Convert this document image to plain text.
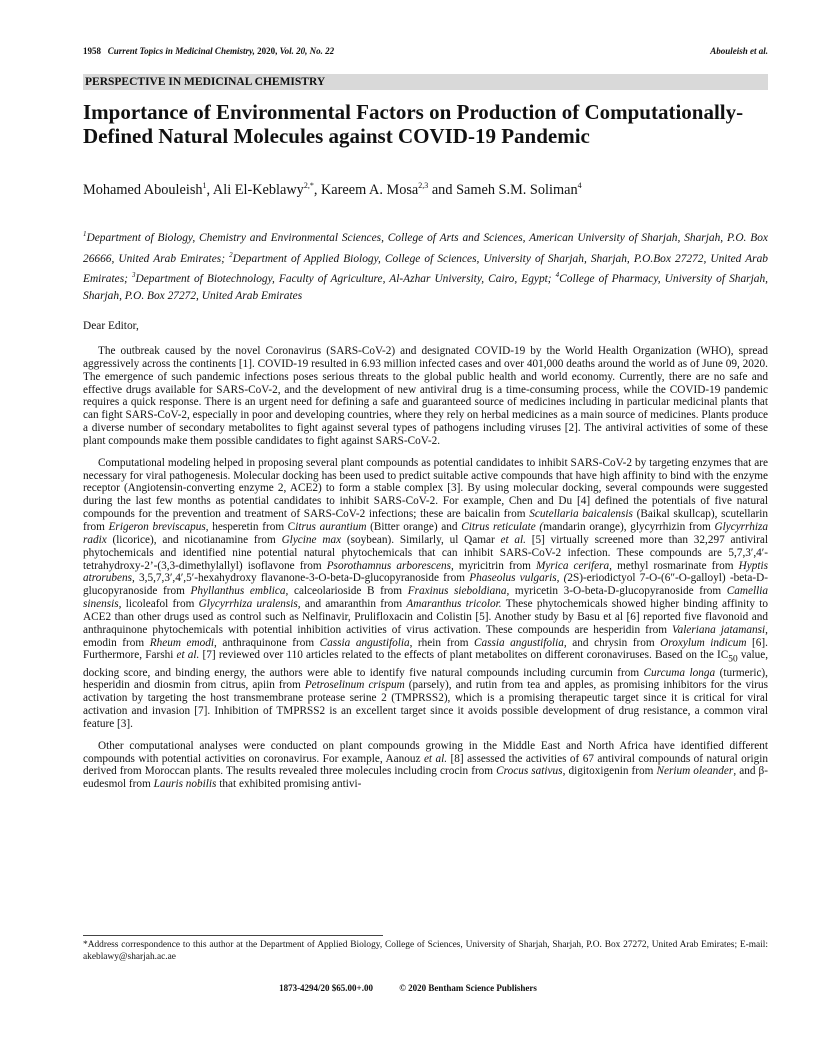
1958 Current Topics in Medicinal Chemistry, 2020, Vol. 20, No. 22	Abouleish et al.
PERSPECTIVE IN MEDICINAL CHEMISTRY
Importance of Environmental Factors on Production of Computationally-Defined Natural Molecules against COVID-19 Pandemic
Mohamed Abouleish$^1$, Ali El-Keblawy$^{2,*}$, Kareem A. Mosa$^{2,3}$ and Sameh S.M. Soliman$^4$
$^1$Department of Biology, Chemistry and Environmental Sciences, College of Arts and Sciences, American University of Sharjah, Sharjah, P.O. Box 26666, United Arab Emirates; $^2$Department of Applied Biology, College of Sciences, University of Sharjah, Sharjah, P.O.Box 27272, United Arab Emirates; $^3$Department of Biotechnology, Faculty of Agriculture, Al-Azhar University, Cairo, Egypt; $^4$College of Pharmacy, University of Sharjah, Sharjah, P.O. Box 27272, United Arab Emirates
Dear Editor,

The outbreak caused by the novel Coronavirus (SARS-CoV-2) and designated COVID-19 by the World Health Organization (WHO), spread aggressively across the continents [1]. COVID-19 resulted in 6.93 million infected cases and over 401,000 deaths around the world as of June 09, 2020. The emergence of such pandemic infections poses serious threats to the global public health and world economy. Currently, there are no safe and effective drugs available for SARS-CoV-2, and the development of new antiviral drug is a time-consuming process, while the COVID-19 pandemic requires a quick response. There is an urgent need for defining a safe and guaranteed source of medicines including in particular medicinal plants that can fight SARS-CoV-2, especially in poor and developing countries, where they rely on herbal medicines as a main source of medicines. Plants produce a diverse number of secondary metabolites to fight against several types of pathogens including viruses [2]. The antiviral activities of some of these plant compounds make them possible candidates to fight against SARS-CoV-2.

Computational modeling helped in proposing several plant compounds as potential candidates to inhibit SARS-CoV-2 by targeting enzymes that are necessary for viral pathogenesis. Molecular docking has been used to predict suitable active compounds that have high affinity to bind with the enzyme receptor (Angiotensin-converting enzyme 2, ACE2) to form a stable complex [3]. By using molecular docking, several compounds were suggested during the last few months as potential candidates to inhibit SARS-CoV-2. For example, Chen and Du [4] defined the potentials of five natural compounds for the prevention and treatment of SARS-CoV-2 infections; these are baicalin from Scutellaria baicalensis (Baikal skullcap), scutellarin from Erigeron breviscapus, hesperetin from Citrus aurantium (Bitter orange) and Citrus reticulate (mandarin orange), glycyrrhizin from Glycyrrhiza radix (licorice), and nicotianamine from Glycine max (soybean). Similarly, ul Qamar et al. [5] virtually screened more than 32,297 antiviral phytochemicals and identified nine potential natural phytochemicals that can inhibit SARS-CoV-2 infection. These compounds are 5,7,3′,4′-tetrahydroxy-2’-(3,3-dimethylallyl) isoflavone from Psorothamnus arborescens, myricitrin from Myrica cerifera, methyl rosmarinate from Hyptis atrorubens, 3,5,7,3′,4′,5′-hexahydroxy flavanone-3-O-beta-D-glucopyranoside from Phaseolus vulgaris, (2S)-eriodictyol 7-O-(6″-O-galloyl) -beta-D-glucopyranoside from Phyllanthus emblica, calceolarioside B from Fraxinus sieboldiana, myricetin 3-O-beta-D-glucopyranoside from Camellia sinensis, licoleafol from Glycyrrhiza uralensis, and amaranthin from Amaranthus tricolor. These phytochemicals showed higher binding affinity to ACE2 than other drugs used as control such as Nelfinavir, Prulifloxacin and Colistin [5]. Another study by Basu et al [6] reported five flavonoid and anthraquinone phytochemicals with potential inhibition activities of virus activation. These compounds are hesperidin from Valeriana jatamansi, emodin from Rheum emodi, anthraquinone from Cassia angustifolia, rhein from Cassia angustifolia, and chrysin from Oroxylum indicum [6]. Furthermore, Farshi et al. [7] reviewed over 110 articles related to the effects of plant metabolites on different coronaviruses. Based on the $IC_{50}$ value, docking score, and binding energy, the authors were able to identify five natural compounds including curcumin from Curcuma longa (turmeric), hesperidin and diosmin from citrus, apiin from Petroselinum crispum (parsely), and rutin from tea and apples, as promising inhibitors for the virus activation by targeting the host transmembrane protease serine 2 (TMPRSS2), which is a promising therapeutic target since it is critical for viral activation and invasion [7]. Inhibition of TMPRSS2 is an excellent target since it avoids possible development of drug resistance, a common viral feature [3].

Other computational analyses were conducted on plant compounds growing in the Middle East and North Africa have identified different compounds with potential activities on coronavirus. For example, Aanouz et al. [8] assessed the activities of 67 antiviral compounds of natural origin derived from Moroccan plants. The results revealed three molecules including crocin from Crocus sativus, digitoxigenin from Nerium oleander, and β-eudesmol from Lauris nobilis that exhibited promising antivi-

*Address correspondence to this author at the Department of Applied Biology, College of Sciences, University of Sharjah, Sharjah, P.O. Box 27272, United Arab Emirates; E-mail: akeblawy@sharjah.ac.ae
1873-4294/20 $65.00+.00	© 2020 Bentham Science Publishers
